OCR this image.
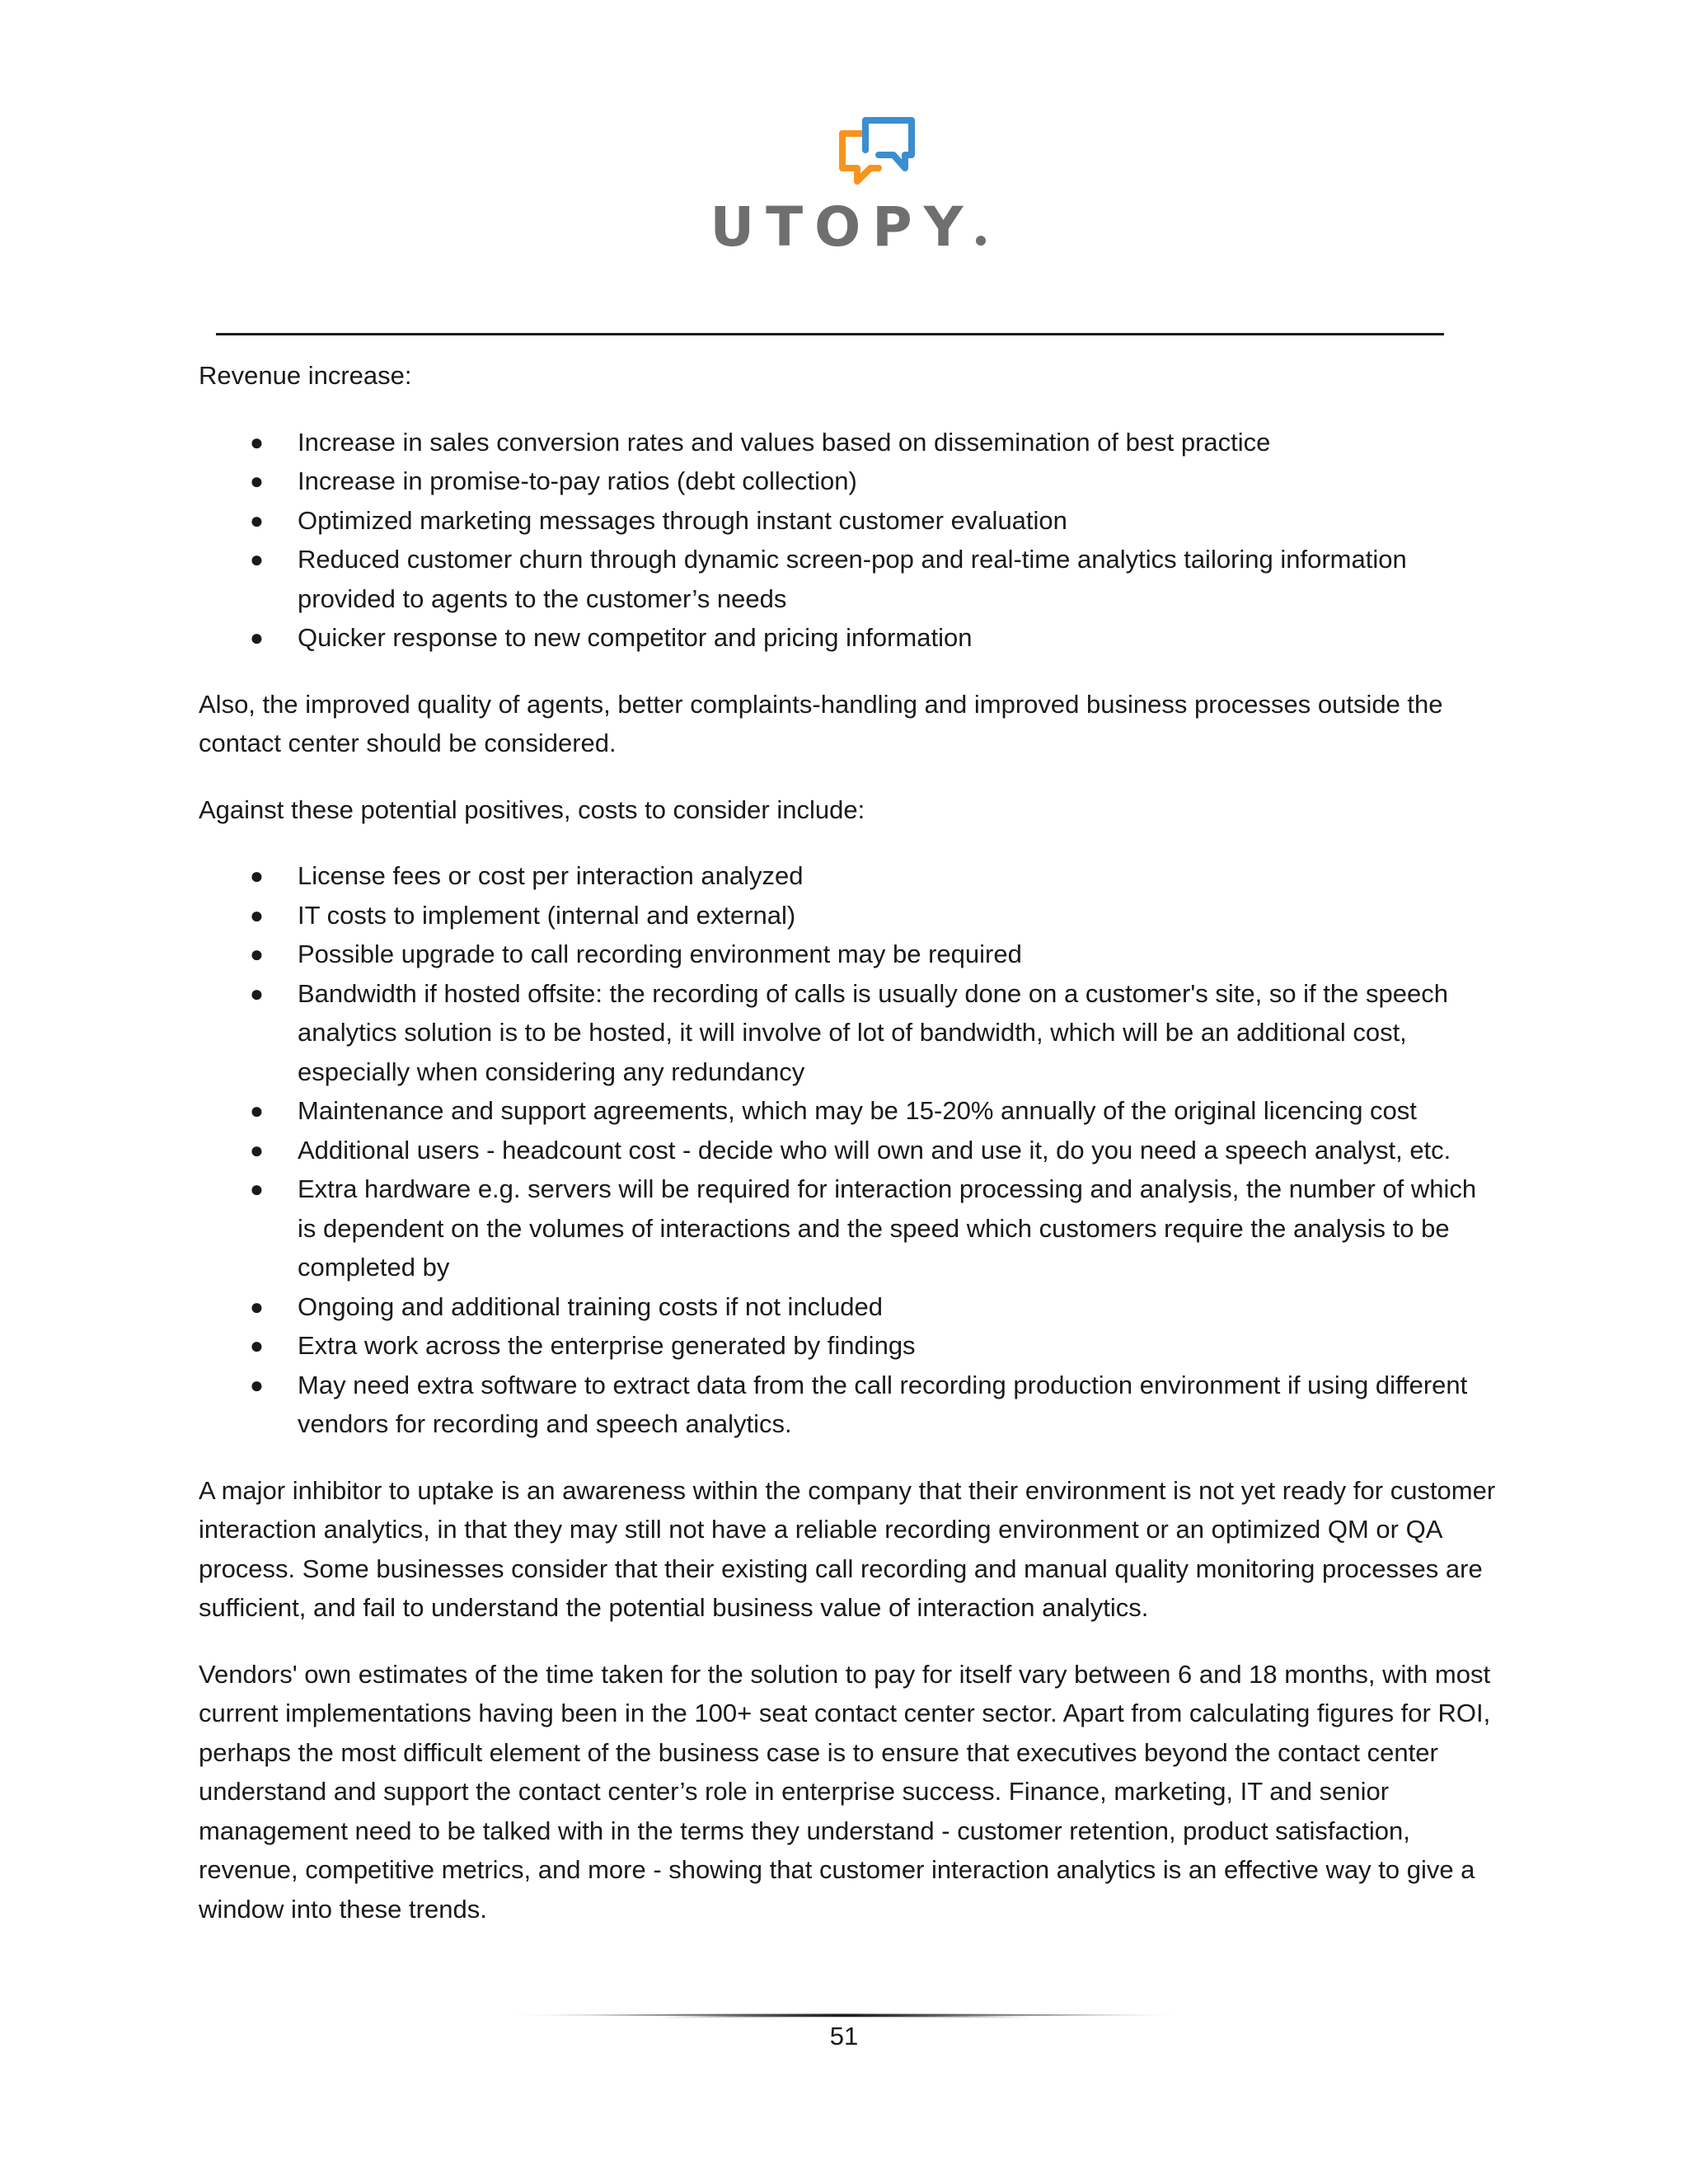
UTOPY

Revenue increase:

● Increase in sales conversion rates and values based on dissemination of best practice
● Increase in promise-to-pay ratios (debt collection)
● Optimized marketing messages through instant customer evaluation
● Reduced customer churn through dynamic screen-pop and real-time analytics tailoring information provided to agents to the customer’s needs
● Quicker response to new competitor and pricing information

Also, the improved quality of agents, better complaints-handling and improved business processes outside the contact center should be considered.

Against these potential positives, costs to consider include:

● License fees or cost per interaction analyzed
● IT costs to implement (internal and external)
● Possible upgrade to call recording environment may be required
● Bandwidth if hosted offsite: the recording of calls is usually done on a customer's site, so if the speech analytics solution is to be hosted, it will involve of lot of bandwidth, which will be an additional cost, especially when considering any redundancy
● Maintenance and support agreements, which may be 15-20% annually of the original licencing cost
● Additional users - headcount cost - decide who will own and use it, do you need a speech analyst, etc.
● Extra hardware e.g. servers will be required for interaction processing and analysis, the number of which is dependent on the volumes of interactions and the speed which customers require the analysis to be completed by
● Ongoing and additional training costs if not included
● Extra work across the enterprise generated by findings
● May need extra software to extract data from the call recording production environment if using different vendors for recording and speech analytics.

A major inhibitor to uptake is an awareness within the company that their environment is not yet ready for customer interaction analytics, in that they may still not have a reliable recording environment or an optimized QM or QA process. Some businesses consider that their existing call recording and manual quality monitoring processes are sufficient, and fail to understand the potential business value of interaction analytics.

Vendors' own estimates of the time taken for the solution to pay for itself vary between 6 and 18 months, with most current implementations having been in the 100+ seat contact center sector. Apart from calculating figures for ROI, perhaps the most difficult element of the business case is to ensure that executives beyond the contact center understand and support the contact center’s role in enterprise success. Finance, marketing, IT and senior management need to be talked with in the terms they understand - customer retention, product satisfaction, revenue, competitive metrics, and more - showing that customer interaction analytics is an effective way to give a window into these trends.

51
